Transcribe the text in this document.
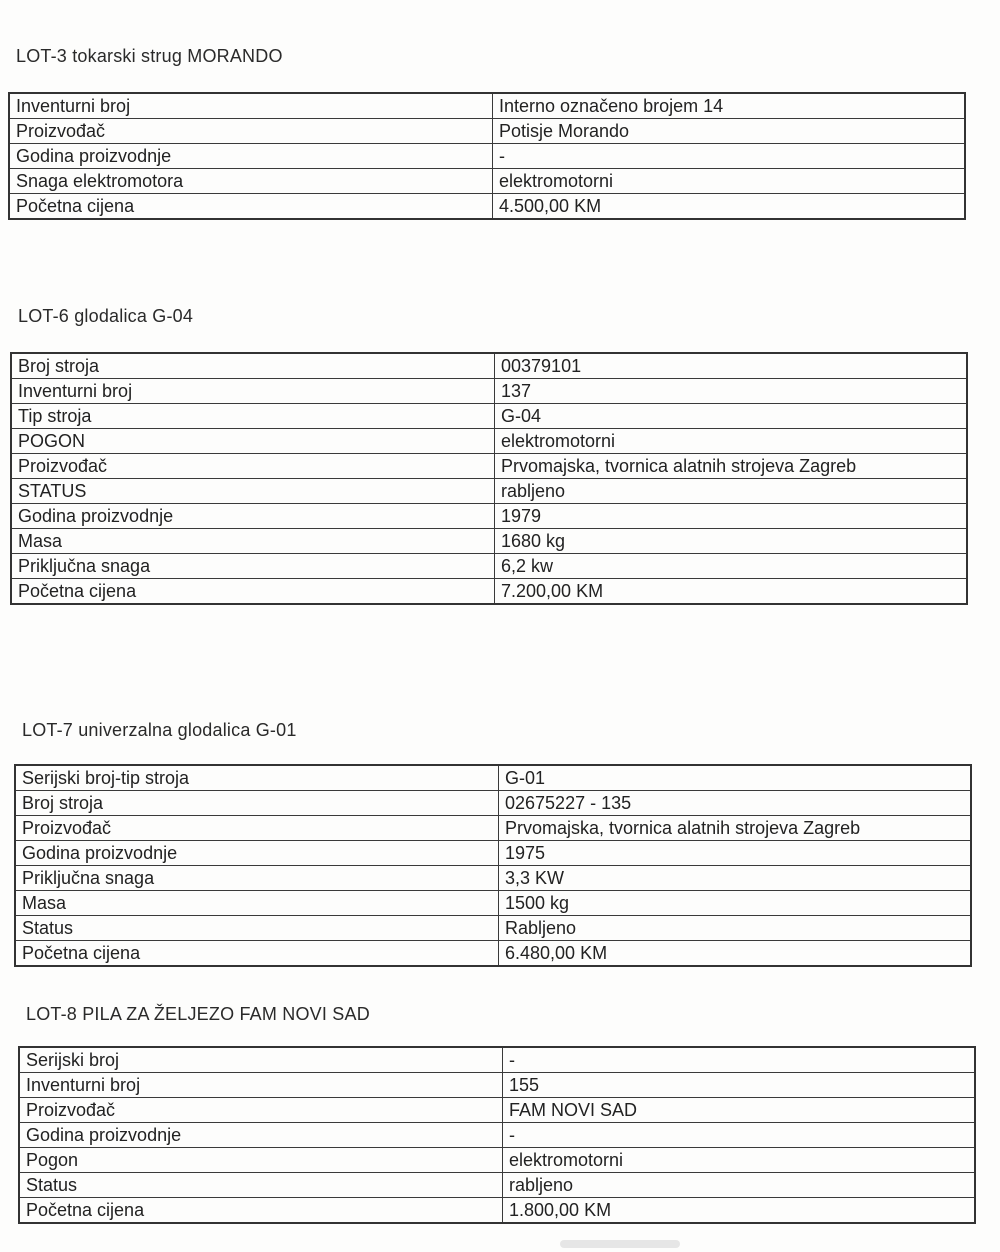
LOT-3 tokarski strug MORANDO
Inventurni broj	Interno označeno brojem 14
Proizvođač	Potisje Morando
Godina proizvodnje	-
Snaga elektromotora	elektromotorni
Početna cijena	4.500,00 KM
LOT-6 glodalica G-04
Broj stroja	00379101
Inventurni broj	137
Tip stroja	G-04
POGON	elektromotorni
Proizvođač	Prvomajska, tvornica alatnih strojeva Zagreb
STATUS	rabljeno
Godina proizvodnje	1979
Masa	1680 kg
Priključna snaga	6,2 kw
Početna cijena	7.200,00 KM
LOT-7 univerzalna glodalica G-01
Serijski broj-tip stroja	G-01
Broj stroja	02675227 - 135
Proizvođač	Prvomajska, tvornica alatnih strojeva Zagreb
Godina proizvodnje	1975
Priključna snaga	3,3 KW
Masa	1500 kg
Status	Rabljeno
Početna cijena	6.480,00 KM
LOT-8 PILA ZA ŽELJEZO FAM NOVI SAD
Serijski broj	-
Inventurni broj	155
Proizvođač	FAM NOVI SAD
Godina proizvodnje	-
Pogon	elektromotorni
Status	rabljeno
Početna cijena	1.800,00 KM
